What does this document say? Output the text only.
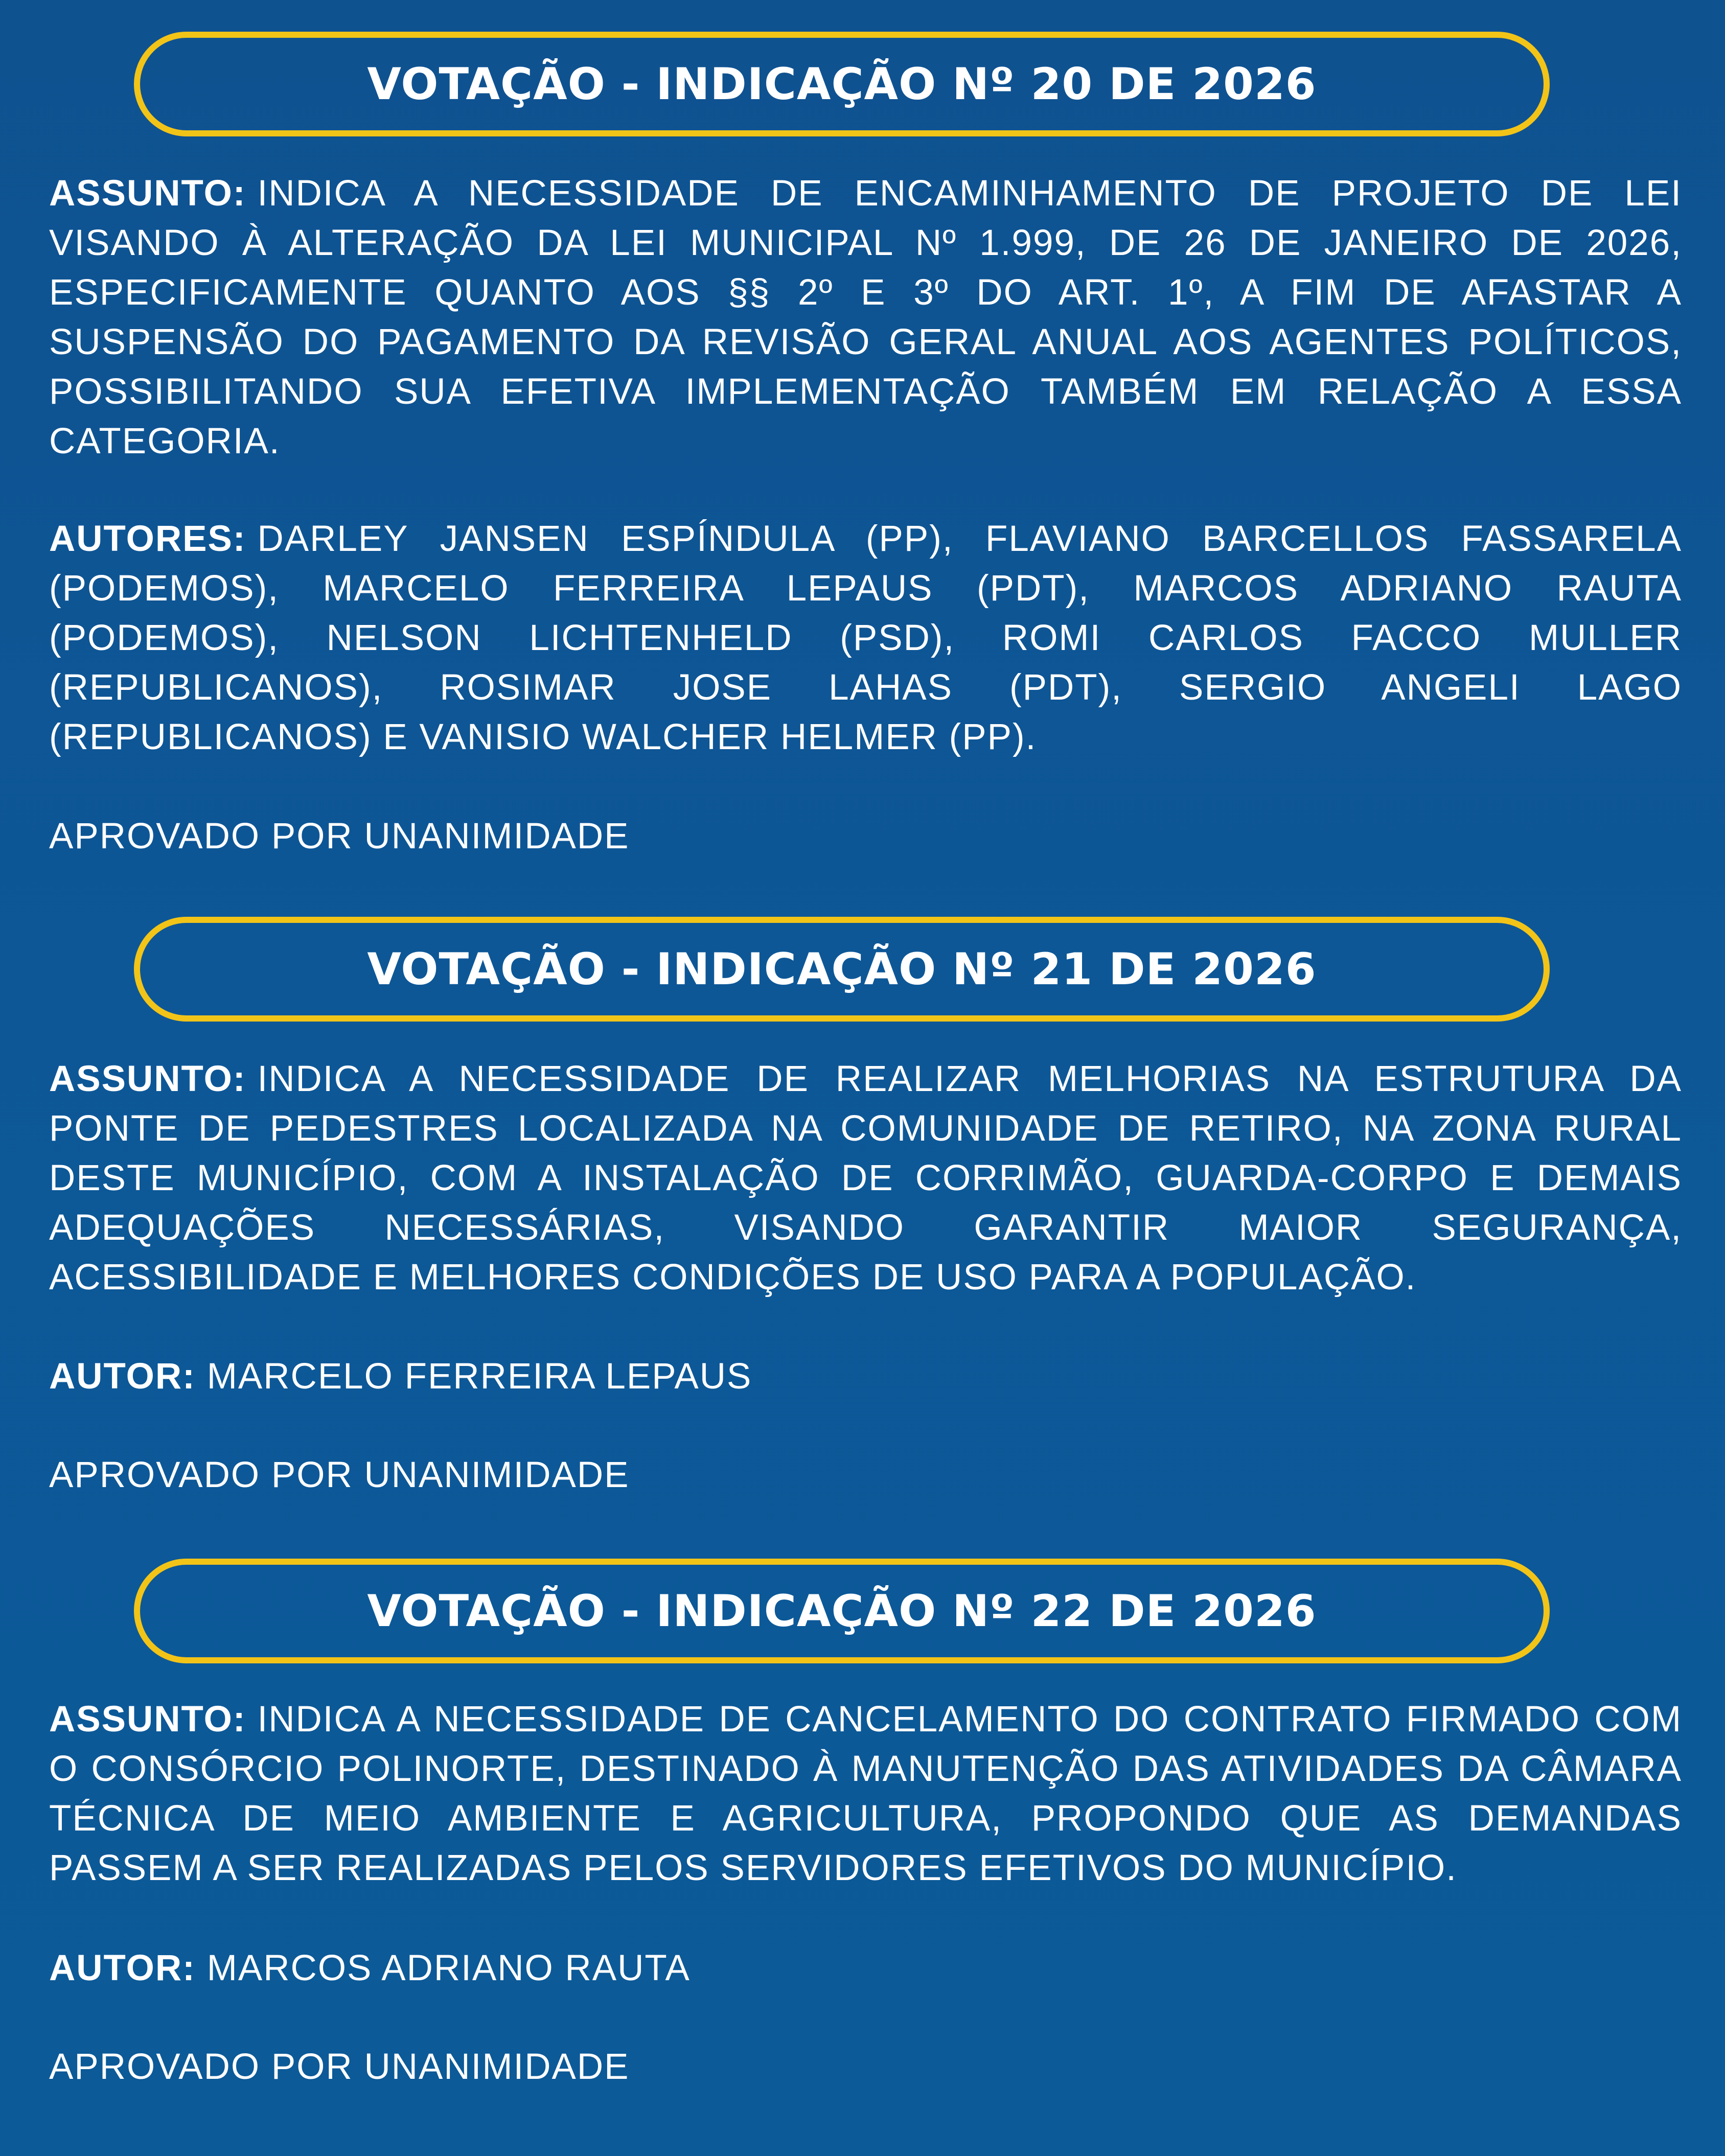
VOTAÇÃO - INDICAÇÃO Nº 20 DE 2026

ASSUNTO: INDICA A NECESSIDADE DE ENCAMINHAMENTO DE PROJETO DE LEI VISANDO À ALTERAÇÃO DA LEI MUNICIPAL Nº 1.999, DE 26 DE JANEIRO DE 2026, ESPECIFICAMENTE QUANTO AOS §§ 2º E 3º DO ART. 1º, A FIM DE AFASTAR A SUSPENSÃO DO PAGAMENTO DA REVISÃO GERAL ANUAL AOS AGENTES POLÍTICOS, POSSIBILITANDO SUA EFETIVA IMPLEMENTAÇÃO TAMBÉM EM RELAÇÃO A ESSA CATEGORIA.

AUTORES: DARLEY JANSEN ESPÍNDULA (PP), FLAVIANO BARCELLOS FASSARELA (PODEMOS), MARCELO FERREIRA LEPAUS (PDT), MARCOS ADRIANO RAUTA (PODEMOS), NELSON LICHTENHELD (PSD), ROMI CARLOS FACCO MULLER (REPUBLICANOS), ROSIMAR JOSE LAHAS (PDT), SERGIO ANGELI LAGO (REPUBLICANOS) E VANISIO WALCHER HELMER (PP).

APROVADO POR UNANIMIDADE

VOTAÇÃO - INDICAÇÃO Nº 21 DE 2026

ASSUNTO: INDICA A NECESSIDADE DE REALIZAR MELHORIAS NA ESTRUTURA DA PONTE DE PEDESTRES LOCALIZADA NA COMUNIDADE DE RETIRO, NA ZONA RURAL DESTE MUNICÍPIO, COM A INSTALAÇÃO DE CORRIMÃO, GUARDA-CORPO E DEMAIS ADEQUAÇÕES NECESSÁRIAS, VISANDO GARANTIR MAIOR SEGURANÇA, ACESSIBILIDADE E MELHORES CONDIÇÕES DE USO PARA A POPULAÇÃO.

AUTOR: MARCELO FERREIRA LEPAUS

APROVADO POR UNANIMIDADE

VOTAÇÃO - INDICAÇÃO Nº 22 DE 2026

ASSUNTO: INDICA A NECESSIDADE DE CANCELAMENTO DO CONTRATO FIRMADO COM O CONSÓRCIO POLINORTE, DESTINADO À MANUTENÇÃO DAS ATIVIDADES DA CÂMARA TÉCNICA DE MEIO AMBIENTE E AGRICULTURA, PROPONDO QUE AS DEMANDAS PASSEM A SER REALIZADAS PELOS SERVIDORES EFETIVOS DO MUNICÍPIO.

AUTOR: MARCOS ADRIANO RAUTA

APROVADO POR UNANIMIDADE
